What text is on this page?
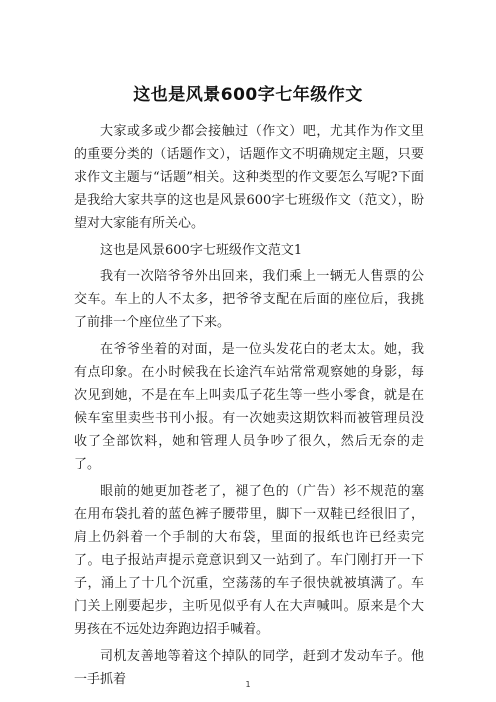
这也是风景600字七年级作文

大家或多或少都会接触过（作文）吧，尤其作为作文里的重要分类的（话题作文），话题作文不明确规定主题，只要求作文主题与“话题”相关。这种类型的作文要怎么写呢?下面是我给大家共享的这也是风景600字七班级作文（范文），盼望对大家能有所关心。

这也是风景600字七班级作文范文1

我有一次陪爷爷外出回来，我们乘上一辆无人售票的公交车。车上的人不太多，把爷爷支配在后面的座位后，我挑了前排一个座位坐了下来。

在爷爷坐着的对面，是一位头发花白的老太太。她，我有点印象。在小时候我在长途汽车站常常观察她的身影，每次见到她，不是在车上叫卖瓜子花生等一些小零食，就是在候车室里卖些书刊小报。有一次她卖这期饮料而被管理员没收了全部饮料，她和管理人员争吵了很久，然后无奈的走了。

眼前的她更加苍老了，褪了色的（广告）衫不规范的塞在用布袋扎着的蓝色裤子腰带里，脚下一双鞋已经很旧了，肩上仍斜着一个手制的大布袋，里面的报纸也许已经卖完了。电子报站声提示竟意识到又一站到了。车门刚打开一下子，涌上了十几个沉重，空荡荡的车子很快就被填满了。车门关上刚要起步，主听见似乎有人在大声喊叫。原来是个大男孩在不远处边奔跑边招手喊着。

司机友善地等着这个掉队的同学，赶到才发动车子。他一手抓着	1
